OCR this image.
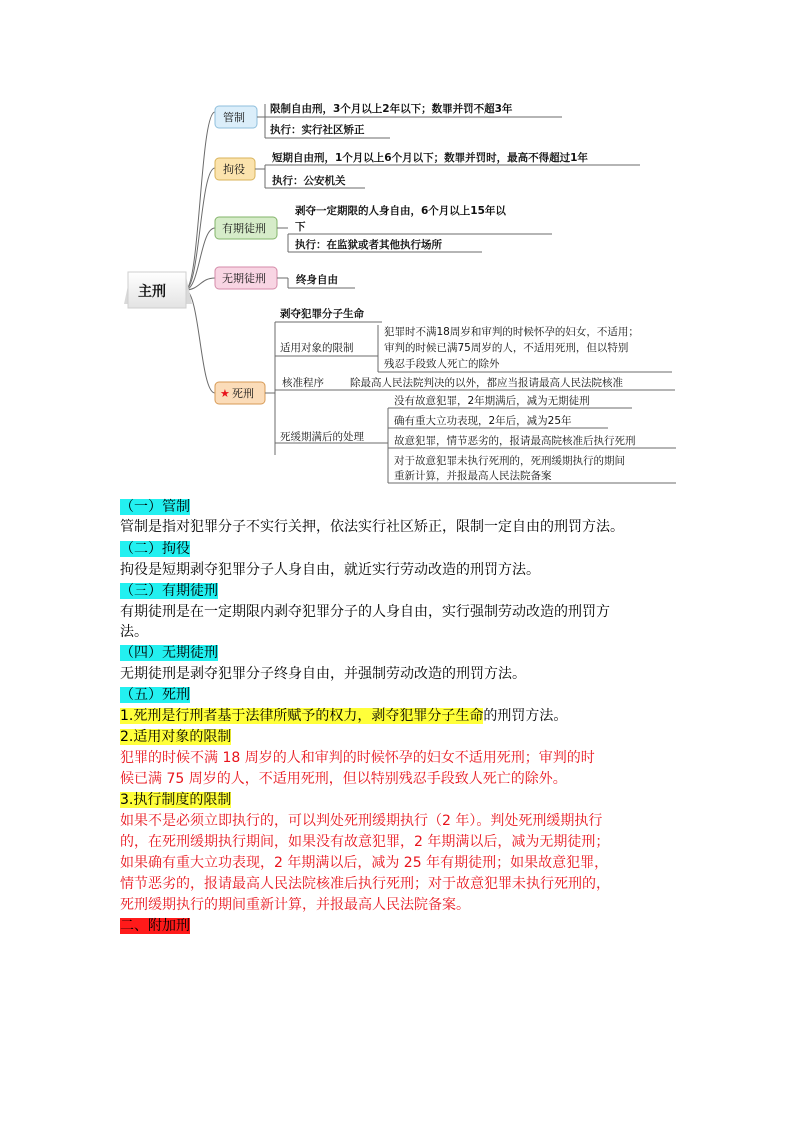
主刑
管制
限制自由刑，3个月以上2年以下；数罪并罚不超3年
执行：实行社区矫正
拘役
短期自由刑，1个月以上6个月以下；数罪并罚时，最高不得超过1年
执行：公安机关
有期徒刑
剥夺一定期限的人身自由，6个月以上15年以
下
执行：在监狱或者其他执行场所
无期徒刑	终身自由
★ 死刑
剥夺犯罪分子生命
适用对象的限制
犯罪时不满18周岁和审判的时候怀孕的妇女，不适用；
审判的时候已满75周岁的人，不适用死刑，但以特别
残忍手段致人死亡的除外
核准程序 除最高人民法院判决的以外，都应当报请最高人民法院核准
死缓期满后的处理
没有故意犯罪，2年期满后，减为无期徒刑
确有重大立功表现，2年后，减为25年
故意犯罪，情节恶劣的，报请最高院核准后执行死刑
对于故意犯罪未执行死刑的，死刑缓期执行的期间
重新计算，并报最高人民法院备案
（一）管制
管制是指对犯罪分子不实行关押，依法实行社区矫正，限制一定自由的刑罚方法。
（二）拘役
拘役是短期剥夺犯罪分子人身自由，就近实行劳动改造的刑罚方法。
（三）有期徒刑
有期徒刑是在一定期限内剥夺犯罪分子的人身自由，实行强制劳动改造的刑罚方
法。
（四）无期徒刑
无期徒刑是剥夺犯罪分子终身自由，并强制劳动改造的刑罚方法。
（五）死刑
1.死刑是行刑者基于法律所赋予的权力，剥夺犯罪分子生命的刑罚方法。
2.适用对象的限制
犯罪的时候不满 18 周岁的人和审判的时候怀孕的妇女不适用死刑；审判的时
候已满 75 周岁的人，不适用死刑，但以特别残忍手段致人死亡的除外。
3.执行制度的限制
如果不是必须立即执行的，可以判处死刑缓期执行（2 年）。判处死刑缓期执行
的，在死刑缓期执行期间，如果没有故意犯罪，2 年期满以后，减为无期徒刑；
如果确有重大立功表现，2 年期满以后，减为 25 年有期徒刑；如果故意犯罪，
情节恶劣的，报请最高人民法院核准后执行死刑；对于故意犯罪未执行死刑的，
死刑缓期执行的期间重新计算，并报最高人民法院备案。
二、附加刑
